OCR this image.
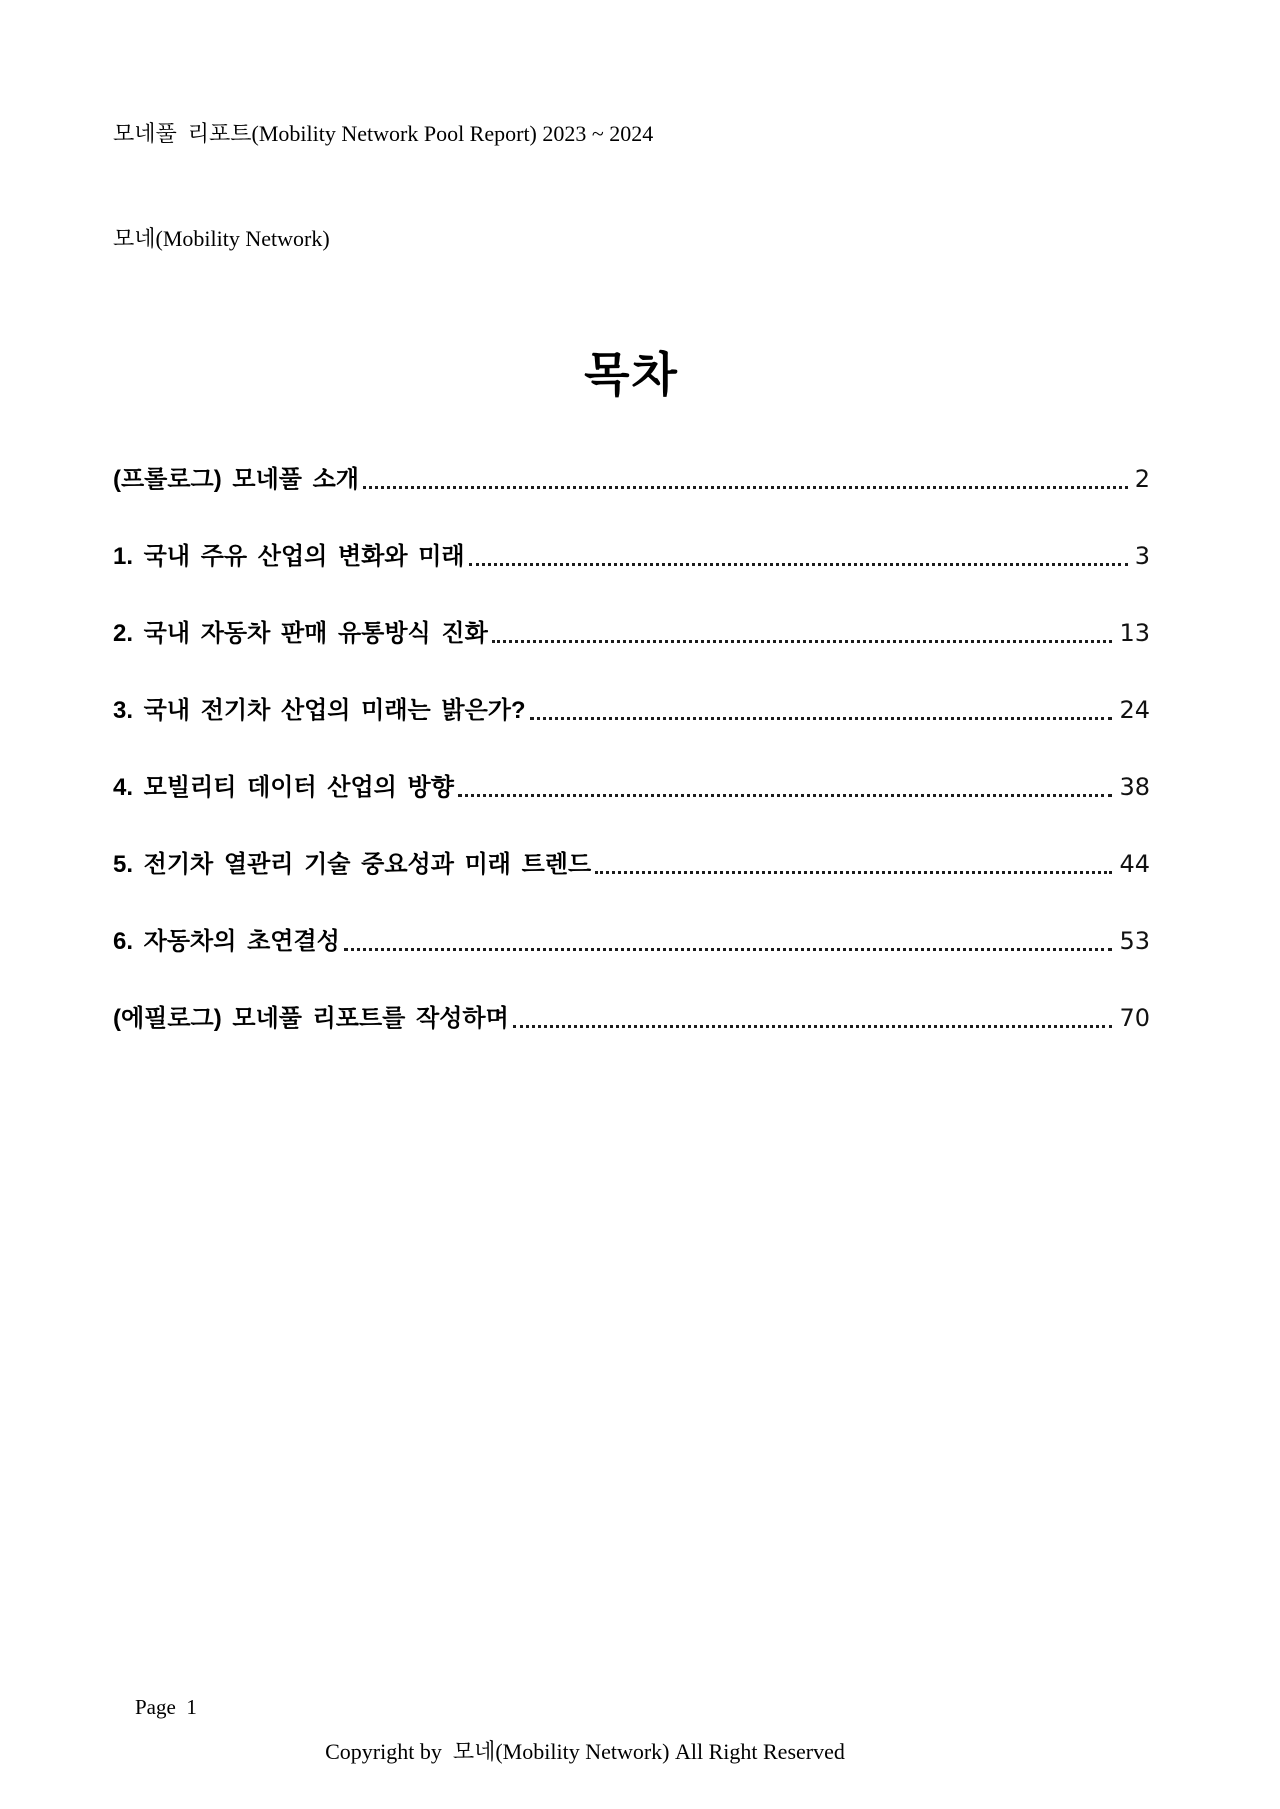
모네풀  리포트(Mobility Network Pool Report) 2023 ~ 2024

모네(Mobility Network)

목차
(프롤로그) 모네풀 소개	2
1. 국내 주유 산업의 변화와 미래	3
2. 국내 자동차 판매 유통방식 진화	13
3. 국내 전기차 산업의 미래는 밝은가?	24
4. 모빌리티 데이터 산업의 방향	38
5. 전기차 열관리 기술 중요성과 미래 트렌드	44
6. 자동차의 초연결성	53
(에필로그) 모네풀 리포트를 작성하며	70
Page  1
Copyright by  모네(Mobility Network) All Right Reserved
